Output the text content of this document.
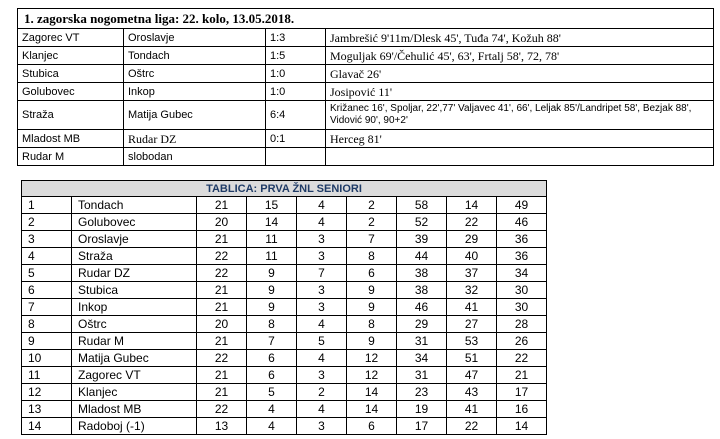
1. zagorska nogometna liga: 22. kolo, 13.05.2018.			
Zagorec VT	Oroslavje	1:3	Jambrešić 9'11m/Dlesk 45', Tuđa 74', Kožuh 88'
Klanjec	Tondach	1:5	Moguljak 69'/Čehulić 45', 63', Frtalj 58', 72, 78'
Stubica	Oštrc	1:0	Glavač 26'
Golubovec	Inkop	1:0	Josipović 11'
Straža	Matija Gubec	6:4	Križanec 16', Spoljar, 22',77' Valjavec 41', 66', Leljak 85'/Landripet 58', Bezjak 88', Vidović 90', 90+2'
Mladost MB	Rudar DZ	0:1	Herceg 81'
Rudar M	slobodan		
TABLICA: PRVA ŽNL SENIORI								
1	Tondach	21	15	4	2	58	14	49
2	Golubovec	20	14	4	2	52	22	46
3	Oroslavje	21	11	3	7	39	29	36
4	Straža	22	11	3	8	44	40	36
5	Rudar DZ	22	9	7	6	38	37	34
6	Stubica	21	9	3	9	38	32	30
7	Inkop	21	9	3	9	46	41	30
8	Oštrc	20	8	4	8	29	27	28
9	Rudar M	21	7	5	9	31	53	26
10	Matija Gubec	22	6	4	12	34	51	22
11	Zagorec VT	21	6	3	12	31	47	21
12	Klanjec	21	5	2	14	23	43	17
13	Mladost MB	22	4	4	14	19	41	16
14	Radoboj (-1)	13	4	3	6	17	22	14
